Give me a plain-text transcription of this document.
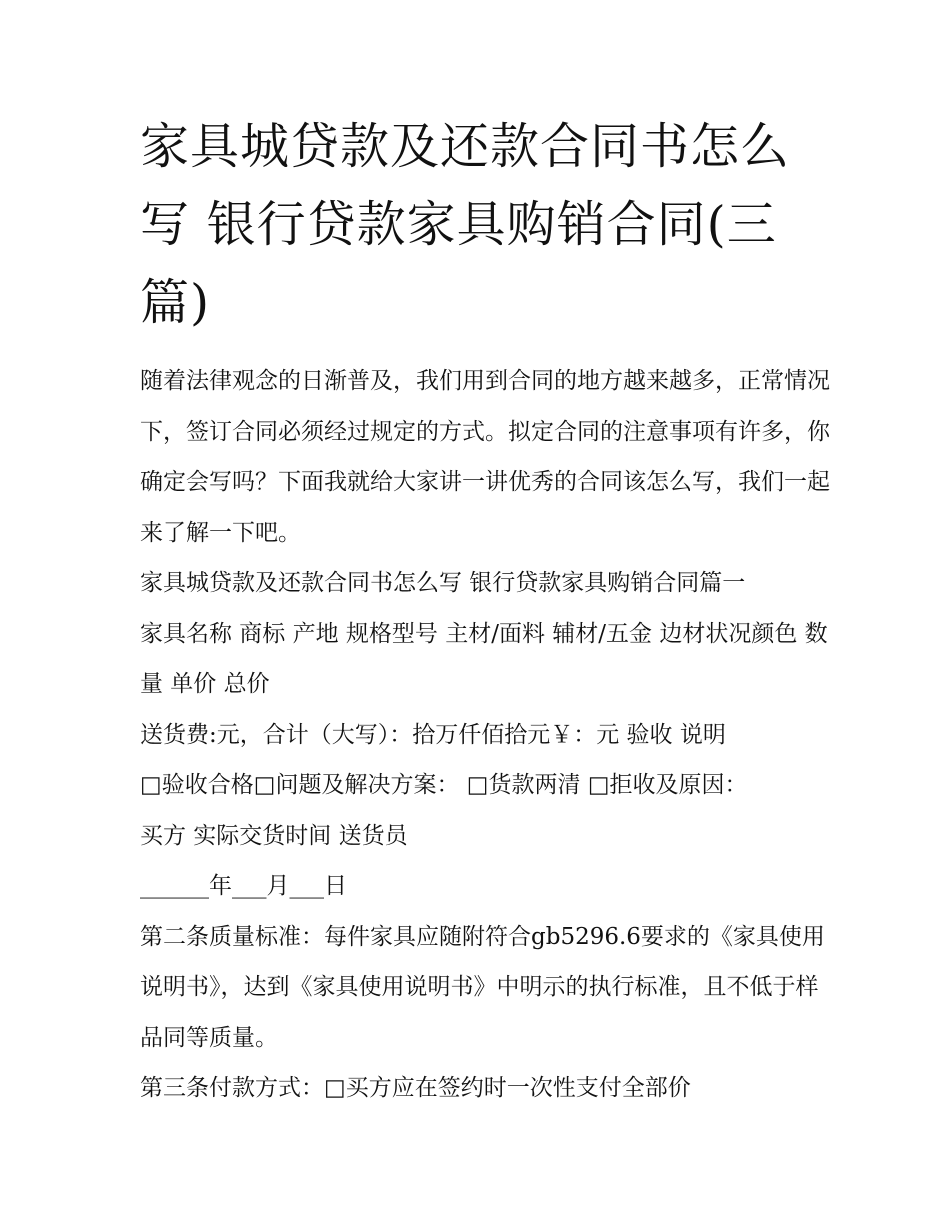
家具城贷款及还款合同书怎么写 银行贷款家具购销合同(三篇)

随着法律观念的日渐普及，我们用到合同的地方越来越多，正常情况下，签订合同必须经过规定的方式。拟定合同的注意事项有许多，你确定会写吗？下面我就给大家讲一讲优秀的合同该怎么写，我们一起来了解一下吧。

家具城贷款及还款合同书怎么写 银行贷款家具购销合同篇一

家具名称 商标 产地 规格型号 主材/面料 辅材/五金 边材状况颜色 数量 单价 总价

送货费:元，合计（大写）：拾万仟佰拾元￥：元 验收 说明

□验收合格□问题及解决方案： □货款两清 □拒收及原因：

买方 实际交货时间 送货员

______年___月___日

第二条质量标准：每件家具应随附符合gb5296.6要求的《家具使用说明书》，达到《家具使用说明书》中明示的执行标准，且不低于样品同等质量。

第三条付款方式：□买方应在签约时一次性支付全部价
